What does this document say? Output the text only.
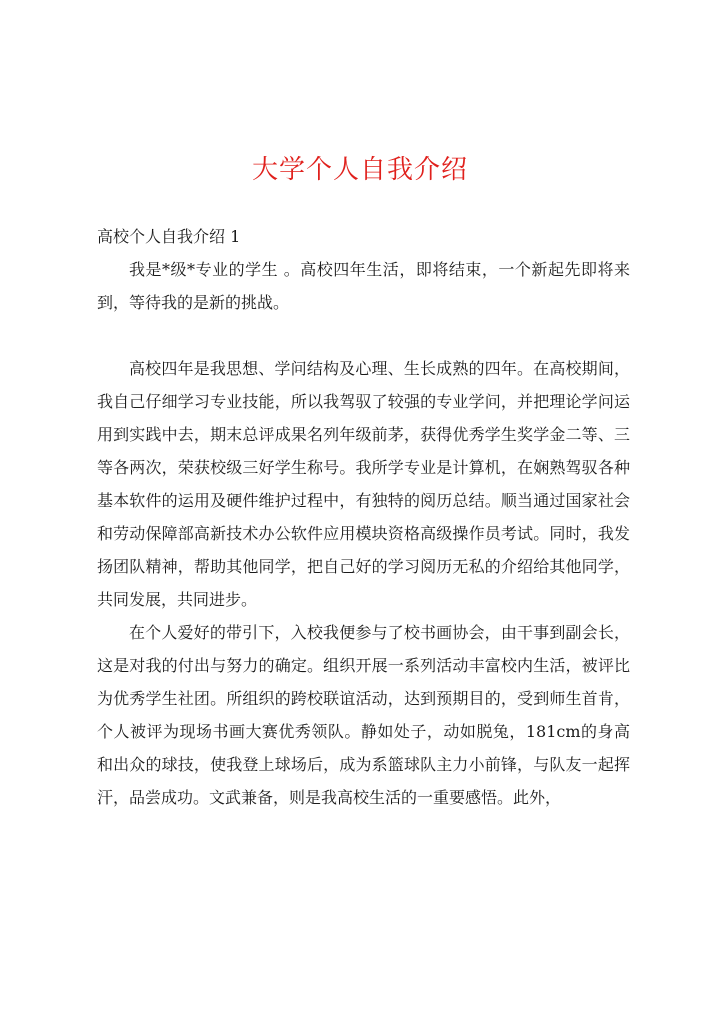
大学个人自我介绍

高校个人自我介绍 1

我是*级*专业的学生 。高校四年生活，即将结束，一个新起先即将来到，等待我的是新的挑战。

高校四年是我思想、学问结构及心理、生长成熟的四年。在高校期间，我自己仔细学习专业技能，所以我驾驭了较强的专业学问，并把理论学问运用到实践中去，期末总评成果名列年级前茅，获得优秀学生奖学金二等、三等各两次，荣获校级三好学生称号。我所学专业是计算机，在娴熟驾驭各种基本软件的运用及硬件维护过程中，有独特的阅历总结。顺当通过国家社会和劳动保障部高新技术办公软件应用模块资格高级操作员考试。同时，我发扬团队精神，帮助其他同学，把自己好的学习阅历无私的介绍给其他同学，共同发展，共同进步。

在个人爱好的带引下，入校我便参与了校书画协会，由干事到副会长，这是对我的付出与努力的确定。组织开展一系列活动丰富校内生活，被评比为优秀学生社团。所组织的跨校联谊活动，达到预期目的，受到师生首肯，个人被评为现场书画大赛优秀领队。静如处子，动如脱兔，181cm的身高和出众的球技，使我登上球场后，成为系篮球队主力小前锋，与队友一起挥汗，品尝成功。文武兼备，则是我高校生活的一重要感悟。此外，
